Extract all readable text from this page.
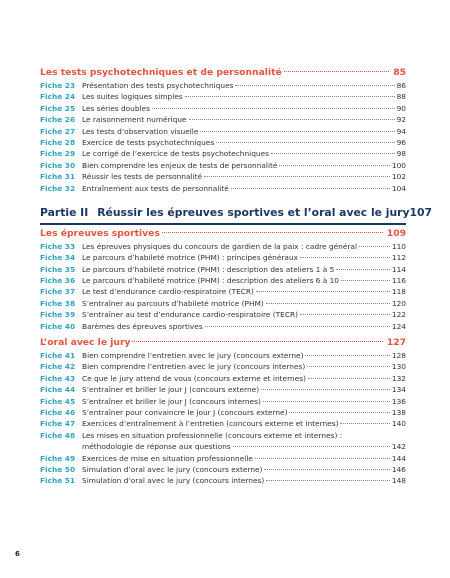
Les tests psychotechniques et de personnalité	85
Fiche 23 Présentation des tests psychotechniques	86
Fiche 24 Les suites logiques simples	88
Fiche 25 Les séries doubles	90
Fiche 26 Le raisonnement numérique	92
Fiche 27 Les tests d’observation visuelle	94
Fiche 28 Exercice de tests psychotechniques	96
Fiche 29 Le corrigé de l’exercice de tests psychotechniques	98
Fiche 30 Bien comprendre les enjeux de tests de personnalité	100
Fiche 31 Réussir les tests de personnalité	102
Fiche 32 Entraînement aux tests de personnalité	104
Partie II Réussir les épreuves sportives et l’oral avec le jury 107
Les épreuves sportives	109
Fiche 33 Les épreuves physiques du concours de gardien de la paix : cadre général	110
Fiche 34 Le parcours d’habileté motrice (PHM) : principes généraux	112
Fiche 35 Le parcours d’habileté motrice (PHM) : description des ateliers 1 à 5	114
Fiche 36 Le parcours d’habileté motrice (PHM) : description des ateliers 6 à 10	116
Fiche 37 Le test d’endurance cardio-respiratoire (TECR)	118
Fiche 38 S’entraîner au parcours d’habileté motrice (PHM)	120
Fiche 39 S’entraîner au test d’endurance cardio-respiratoire (TECR)	122
Fiche 40 Barèmes des épreuves sportives	124
L’oral avec le jury	127
Fiche 41 Bien comprendre l’entretien avec le jury (concours externe)	128
Fiche 42 Bien comprendre l’entretien avec le jury (concours internes)	130
Fiche 43 Ce que le jury attend de vous (concours externe et internes)	132
Fiche 44 S’entraîner et briller le jour J (concours externe)	134
Fiche 45 S’entraîner et briller le jour J (concours internes)	136
Fiche 46 S’entraîner pour convaincre le jour J (concours externe)	138
Fiche 47 Exercices d’entraînement à l’entretien (concours externe et internes)	140
Fiche 48 Les mises en situation professionnelle (concours externe et internes) :
méthodologie de réponse aux questions	142
Fiche 49 Exercices de mise en situation professionnelle	144
Fiche 50 Simulation d’oral avec le jury (concours externe)	146
Fiche 51 Simulation d’oral avec le jury (concours internes)	148
6
